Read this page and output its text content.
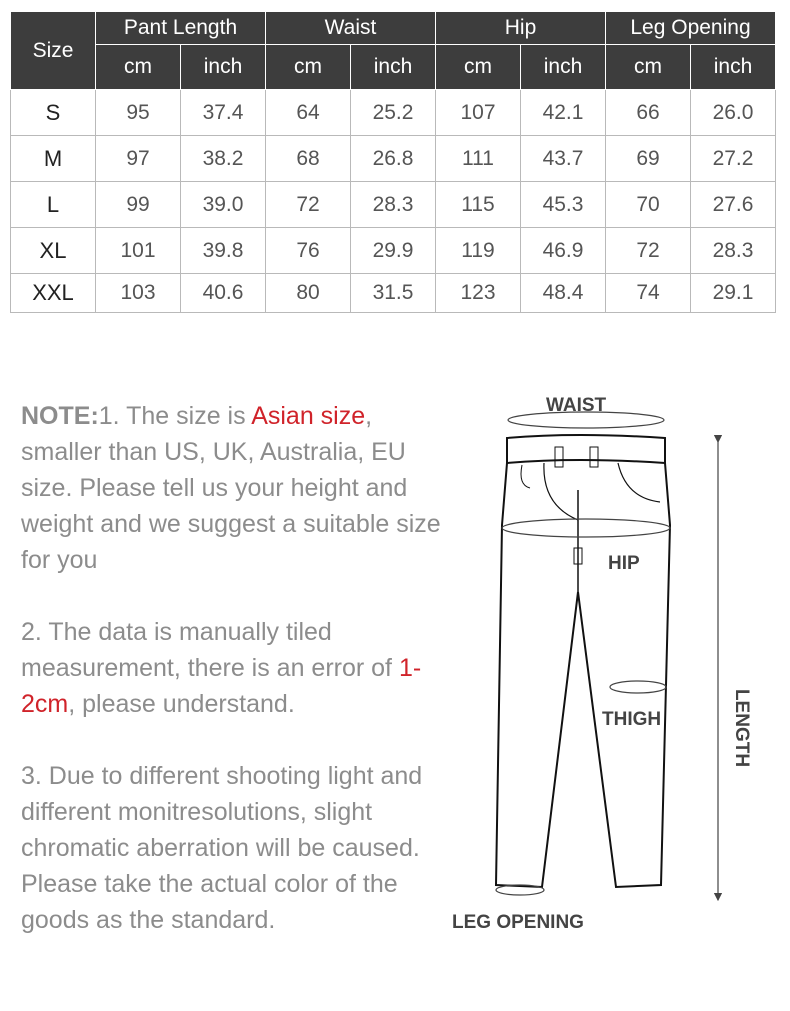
Size	Pant Length		Waist		Hip		Leg Opening	
	cm	inch	cm	inch	cm	inch	cm	inch
S	95	37.4	64	25.2	107	42.1	66	26.0
M	97	38.2	68	26.8	111	43.7	69	27.2
L	99	39.0	72	28.3	115	45.3	70	27.6
XL	101	39.8	76	29.9	119	46.9	72	28.3
XXL	103	40.6	80	31.5	123	48.4	74	29.1

NOTE:1. The size is Asian size, smaller than US, UK, Australia, EU size. Please tell us your height and weight and we suggest a suitable size for you

2. The data is manually tiled measurement, there is an error of 1-2cm, please understand.

3. Due to different shooting light and different monitresolutions, slight chromatic aberration will be caused. Please take the actual color of the goods as the standard.

WAIST
HIP
THIGH
LEG OPENING
LENGTH
